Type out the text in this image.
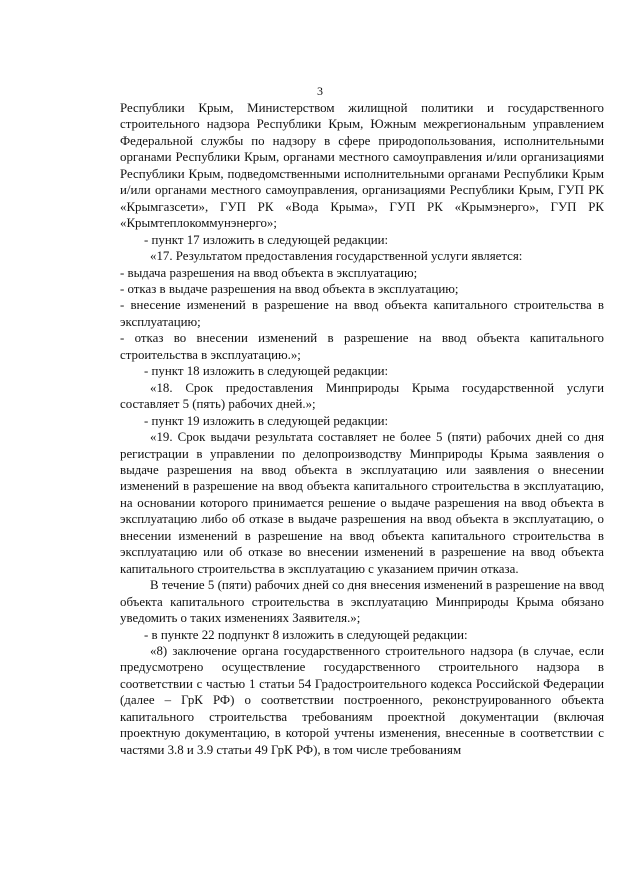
3

Республики Крым, Министерством жилищной политики и государственного строительного надзора Республики Крым, Южным межрегиональным управлением Федеральной службы по надзору в сфере природопользования, исполнительными органами Республики Крым, органами местного самоуправления и/или организациями Республики Крым, подведомственными исполнительными органами Республики Крым и/или органами местного самоуправления, организациями Республики Крым, ГУП РК «Крымгазсети», ГУП РК «Вода Крыма», ГУП РК «Крымэнерго», ГУП РК «Крымтеплокоммунэнерго»;

- пункт 17 изложить в следующей редакции:

«17. Результатом предоставления государственной услуги является:

- выдача разрешения на ввод объекта в эксплуатацию;

- отказ в выдаче разрешения на ввод объекта в эксплуатацию;

- внесение изменений в разрешение на ввод объекта капитального строительства в эксплуатацию;

- отказ во внесении изменений в разрешение на ввод объекта капитального строительства в эксплуатацию.»;

- пункт 18 изложить в следующей редакции:

«18. Срок предоставления Минприроды Крыма государственной услуги составляет 5 (пять) рабочих дней.»;

- пункт 19 изложить в следующей редакции:

«19. Срок выдачи результата составляет не более 5 (пяти) рабочих дней со дня регистрации в управлении по делопроизводству Минприроды Крыма заявления о выдаче разрешения на ввод объекта в эксплуатацию или заявления о внесении изменений в разрешение на ввод объекта капитального строительства в эксплуатацию, на основании которого принимается решение о выдаче разрешения на ввод объекта в эксплуатацию либо об отказе в выдаче разрешения на ввод объекта в эксплуатацию, о внесении изменений в разрешение на ввод объекта капитального строительства в эксплуатацию или об отказе во внесении изменений в разрешение на ввод объекта капитального строительства в эксплуатацию с указанием причин отказа.

В течение 5 (пяти) рабочих дней со дня внесения изменений в разрешение на ввод объекта капитального строительства в эксплуатацию Минприроды Крыма обязано уведомить о таких изменениях Заявителя.»;

- в пункте 22 подпункт 8 изложить в следующей редакции:

«8) заключение органа государственного строительного надзора (в случае, если предусмотрено осуществление государственного строительного надзора в соответствии с частью 1 статьи 54 Градостроительного кодекса Российской Федерации (далее – ГрК РФ) о соответствии построенного, реконструированного объекта капитального строительства требованиям проектной документации (включая проектную документацию, в которой учтены изменения, внесенные в соответствии с частями 3.8 и 3.9 статьи 49 ГрК РФ), в том числе требованиям
